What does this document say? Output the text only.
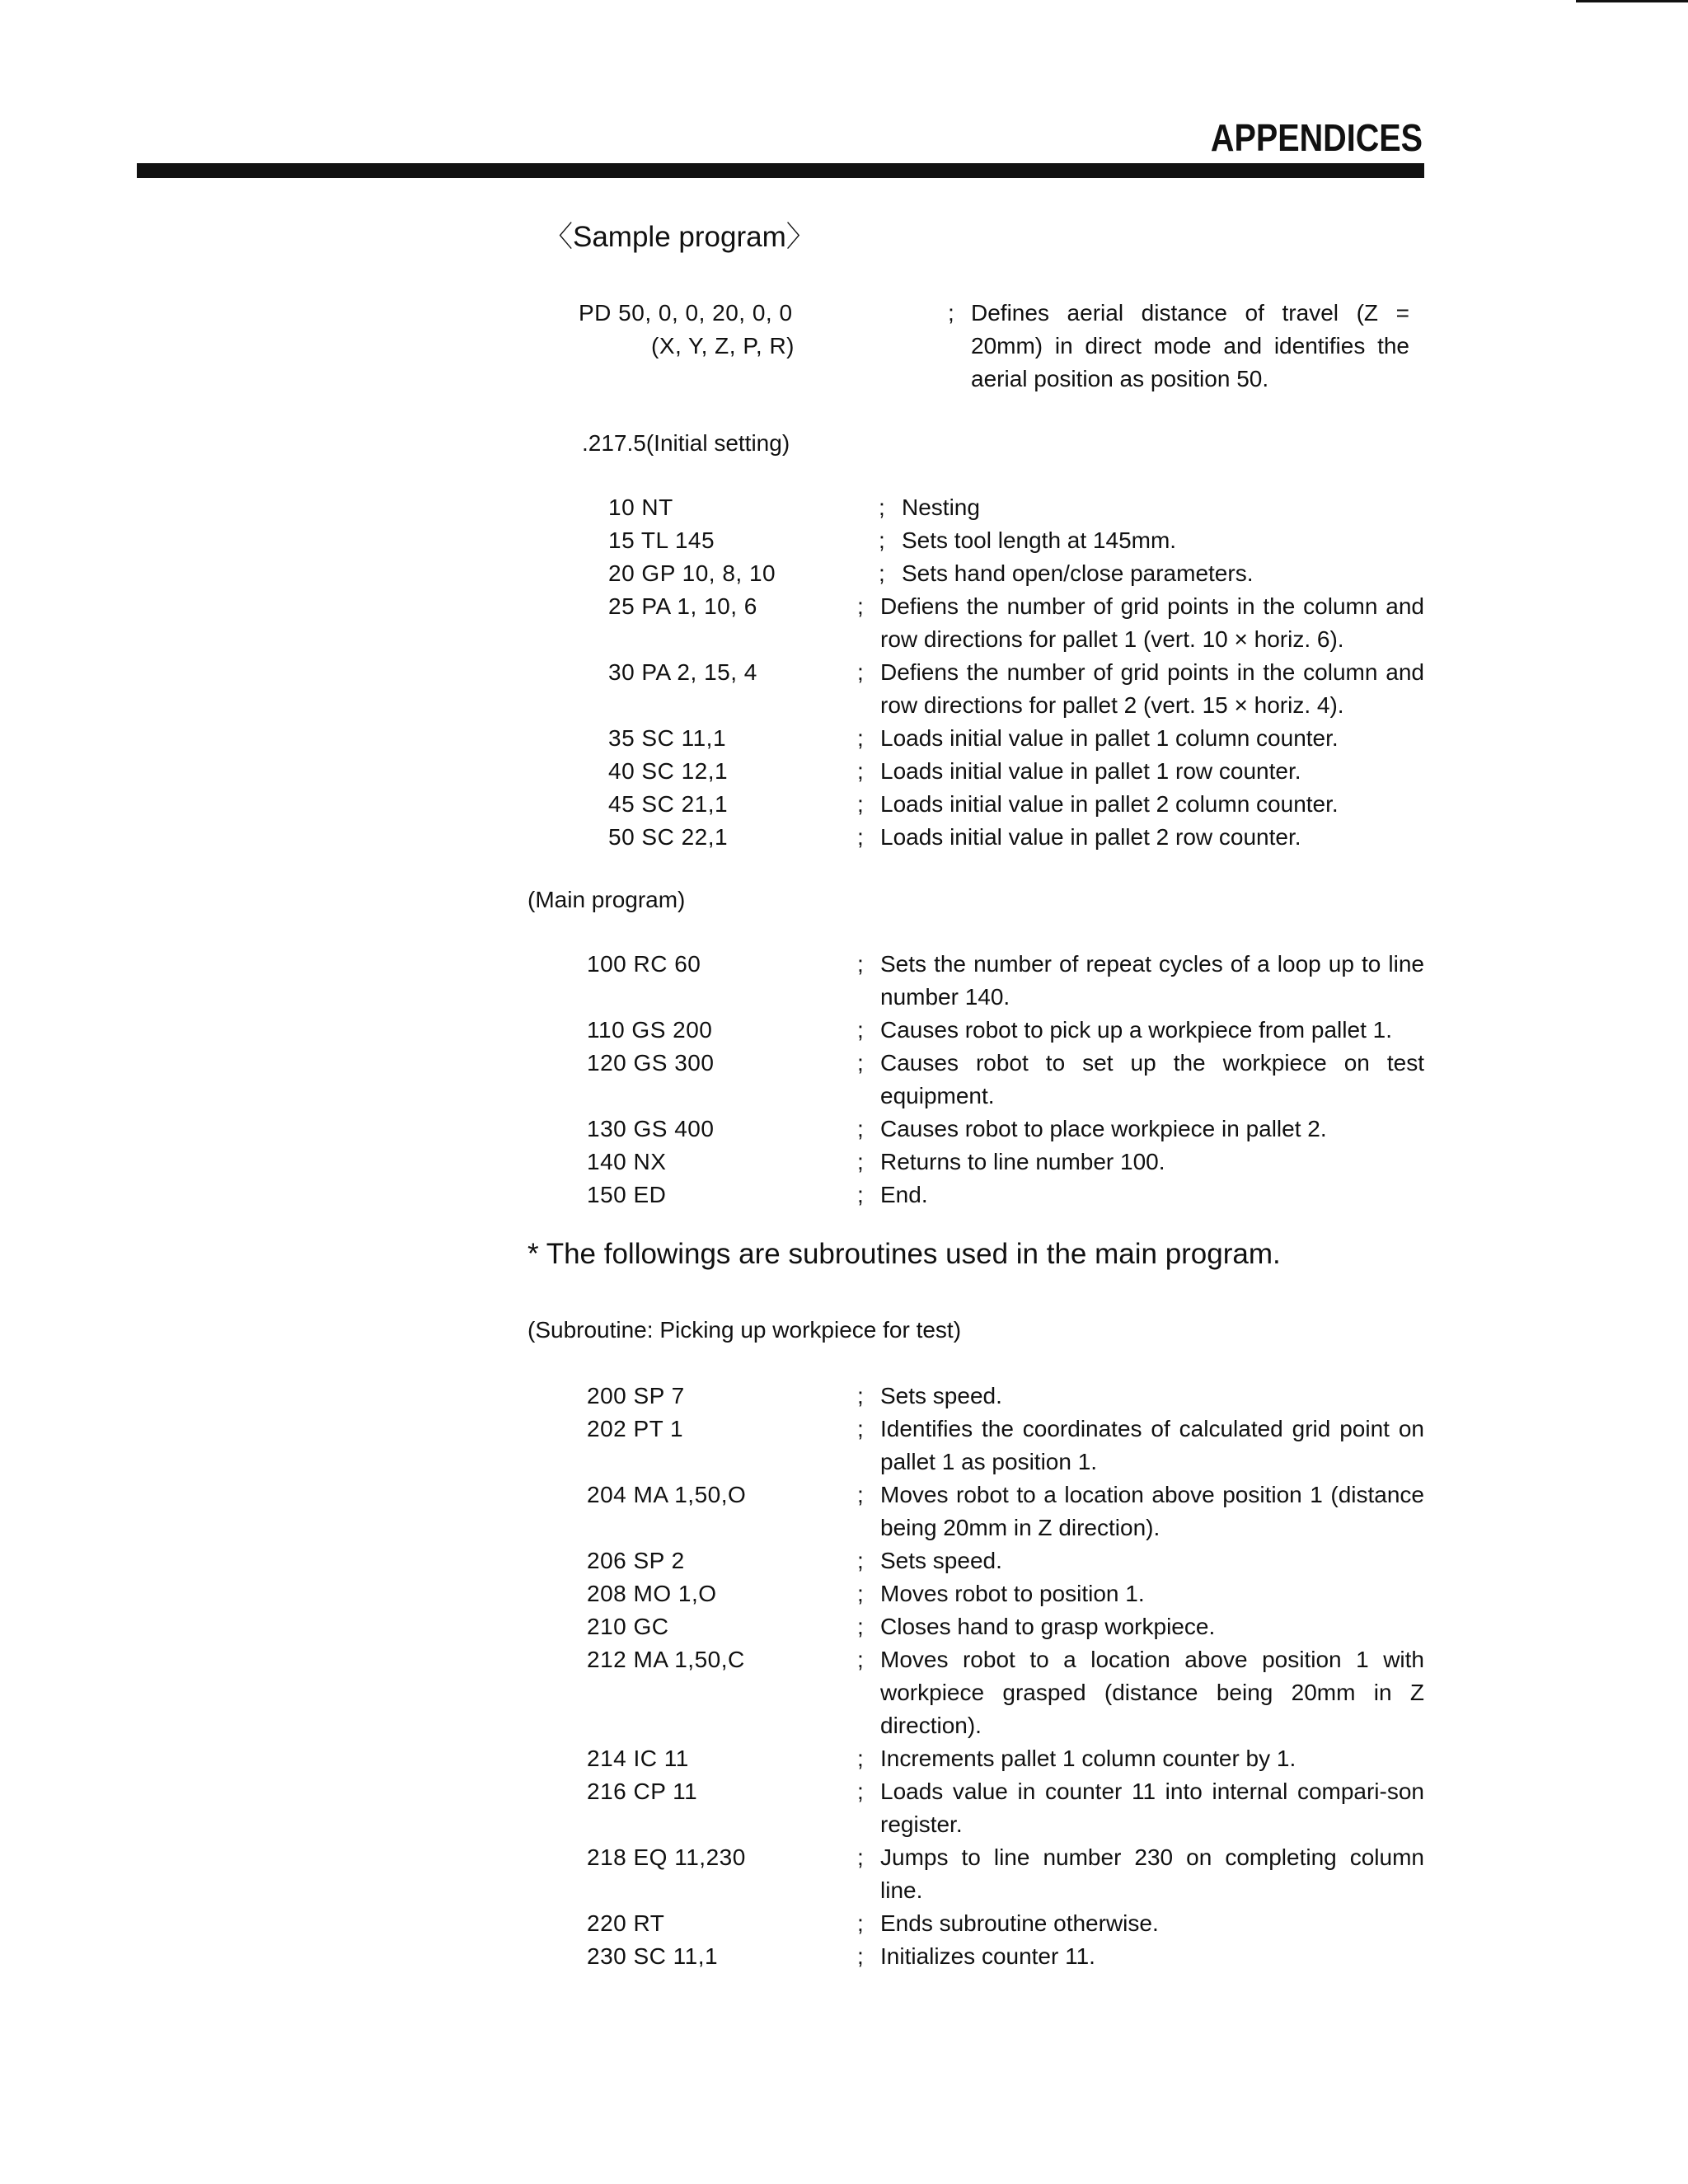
APPENDICES
〈Sample program〉
PD 50, 0, 0, 20, 0, 0
(X, Y, Z, P, R)
; Defines aerial distance of travel (Z = 20mm) in direct mode and identifies the aerial position as position 50.
.217.5(Initial setting)
10 NT	; Nesting
15 TL 145	; Sets tool length at 145mm.
20 GP 10, 8, 10	; Sets hand open/close parameters.
25 PA 1, 10, 6	; Defiens the number of grid points in the column and row directions for pallet 1 (vert. 10 × horiz. 6).
30 PA 2, 15, 4	; Defiens the number of grid points in the column and row directions for pallet 2 (vert. 15 × horiz. 4).
35 SC 11,1	; Loads initial value in pallet 1 column counter.
40 SC 12,1	; Loads initial value in pallet 1 row counter.
45 SC 21,1	; Loads initial value in pallet 2 column counter.
50 SC 22,1	; Loads initial value in pallet 2 row counter.
(Main program)
100 RC 60	; Sets the number of repeat cycles of a loop up to line number 140.
110 GS 200	; Causes robot to pick up a workpiece from pallet 1.
120 GS 300	; Causes robot to set up the workpiece on test equipment.
130 GS 400	; Causes robot to place workpiece in pallet 2.
140 NX	; Returns to line number 100.
150 ED	; End.
* The followings are subroutines used in the main program.
(Subroutine: Picking up workpiece for test)
200 SP 7	; Sets speed.
202 PT 1	; Identifies the coordinates of calculated grid point on pallet 1 as position 1.
204 MA 1,50,O	; Moves robot to a location above position 1 (distance being 20mm in Z direction).
206 SP 2	; Sets speed.
208 MO 1,O	; Moves robot to position 1.
210 GC	; Closes hand to grasp workpiece.
212 MA 1,50,C	; Moves robot to a location above position 1 with workpiece grasped (distance being 20mm in Z direction).
214 IC 11	; Increments pallet 1 column counter by 1.
216 CP 11	; Loads value in counter 11 into internal compari-son register.
218 EQ 11,230	; Jumps to line number 230 on completing column line.
220 RT	; Ends subroutine otherwise.
230 SC 11,1	; Initializes counter 11.
